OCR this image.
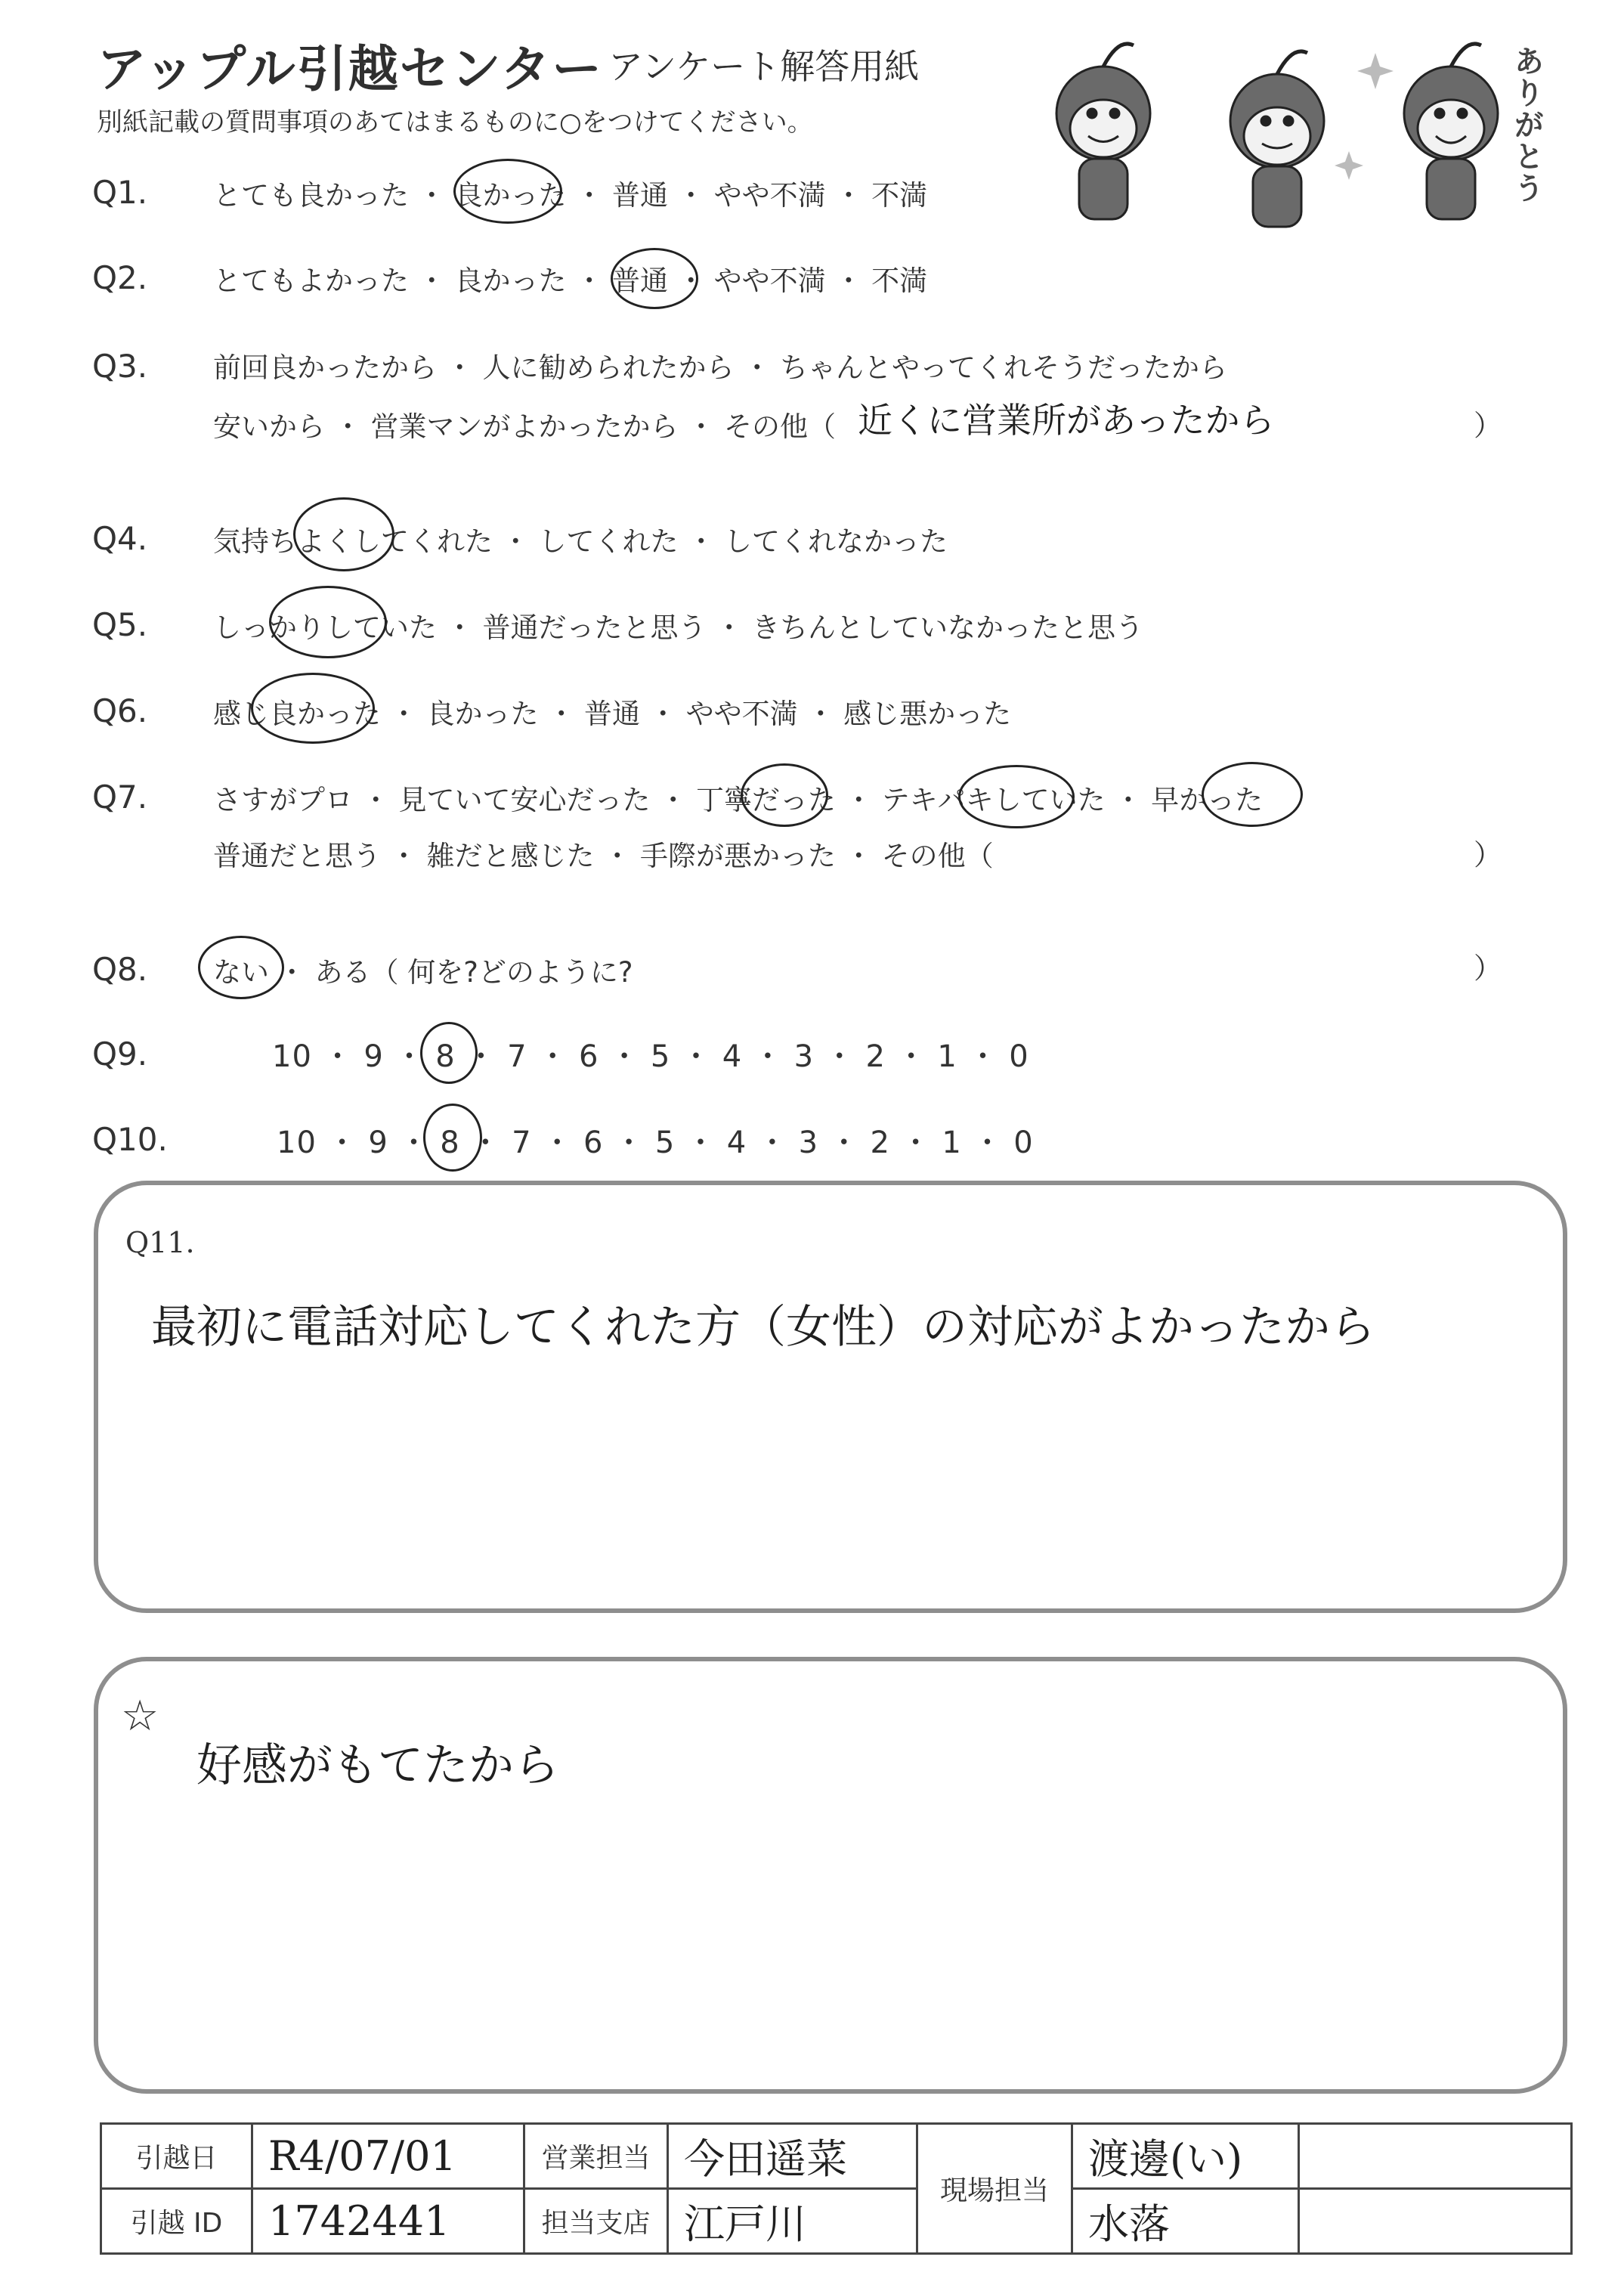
アップル引越センター アンケート解答用紙
別紙記載の質問事項のあてはまるものに○をつけてください。	ありがとう
Q1. とても良かった ・ 良かった ・ 普通 ・ やや不満 ・ 不満
Q2. とてもよかった ・ 良かった ・ 普通 ・ やや不満 ・ 不満
Q3. 前回良かったから ・ 人に勧められたから ・ ちゃんとやってくれそうだったから
安いから ・ 営業マンがよかったから ・ その他（ 近くに営業所があったから	）
Q4. 気持ちよくしてくれた ・ してくれた ・ してくれなかった
Q5. しっかりしていた ・ 普通だったと思う ・ きちんとしていなかったと思う
Q6. 感じ良かった ・ 良かった ・ 普通 ・ やや不満 ・ 感じ悪かった
Q7. さすがプロ ・ 見ていて安心だった ・ 丁寧だった ・ テキパキしていた ・ 早かった
普通だと思う ・ 雑だと感じた ・ 手際が悪かった ・ その他（	）
Q8. ない ・ ある（ 何を?どのように?	）
Q9.	10 ・ 9 ・ 8 ・ 7 ・ 6 ・ 5 ・ 4 ・ 3 ・ 2 ・ 1 ・ 0
Q10.	10 ・ 9 ・ 8 ・ 7 ・ 6 ・ 5 ・ 4 ・ 3 ・ 2 ・ 1 ・ 0
Q11.
最初に電話対応してくれた方（女性）の対応がよかったから
☆
好感がもてたから
引越日	R4/07/01	営業担当	今田遥菜	現場担当	渡邊(い)	
引越 ID	1742441	担当支店	江戸川		水落	
